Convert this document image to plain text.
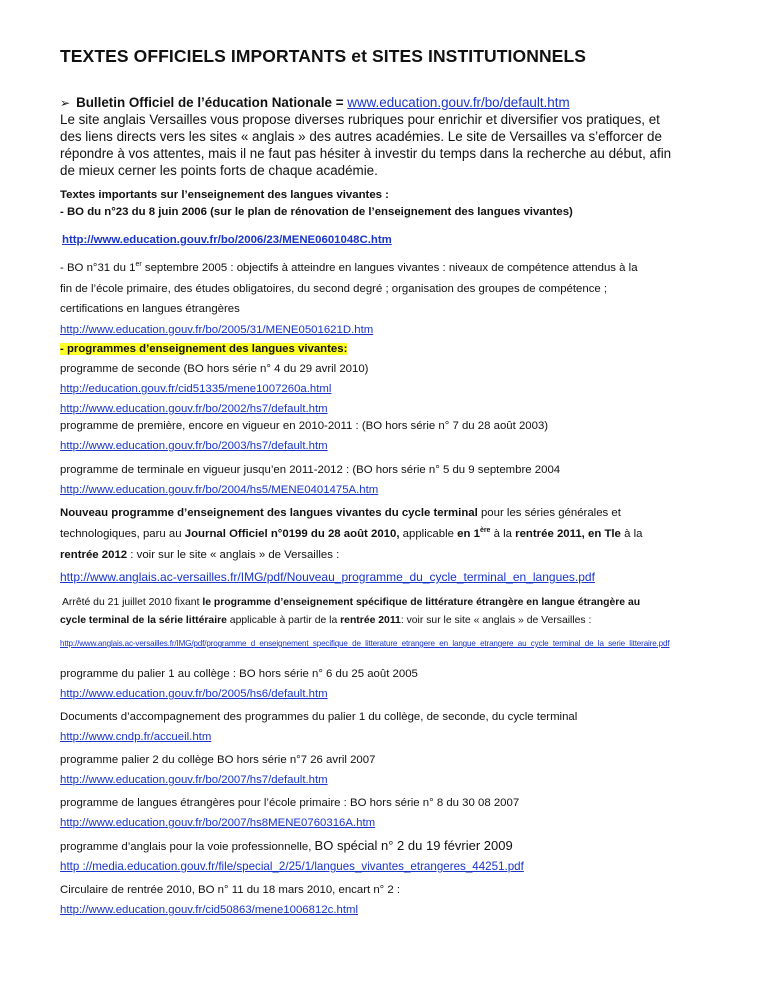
TEXTES OFFICIELS IMPORTANTS et SITES INSTITUTIONNELS
➢ Bulletin Officiel de l’éducation Nationale = www.education.gouv.fr/bo/default.htm
Le site anglais Versailles vous propose diverses rubriques pour enrichir et diversifier vos pratiques, et
des liens directs vers les sites « anglais » des autres académies. Le site de Versailles va s’efforcer de
répondre à vos attentes, mais il ne faut pas hésiter à investir du temps dans la recherche au début, afin
de mieux cerner les points forts de chaque académie.
Textes importants sur l’enseignement des langues vivantes :
- BO du n°23 du 8 juin 2006 (sur le plan de rénovation de l’enseignement des langues vivantes)
http://www.education.gouv.fr/bo/2006/23/MENE0601048C.htm
- BO n°31 du 1er septembre 2005 : objectifs à atteindre en langues vivantes : niveaux de compétence attendus à la
fin de l’école primaire, des études obligatoires, du second degré ; organisation des groupes de compétence ;
certifications en langues étrangères
http://www.education.gouv.fr/bo/2005/31/MENE0501621D.htm
- programmes d’enseignement des langues vivantes:
programme de seconde (BO hors série n° 4 du 29 avril 2010)
http://education.gouv.fr/cid51335/mene1007260a.html
http://www.education.gouv.fr/bo/2002/hs7/default.htm
programme de première, encore en vigueur en 2010-2011 : (BO hors série n° 7 du 28 août 2003)
http://www.education.gouv.fr/bo/2003/hs7/default.htm
programme de terminale en vigueur jusqu’en 2011-2012 : (BO hors série n° 5 du 9 septembre 2004
http://www.education.gouv.fr/bo/2004/hs5/MENE0401475A.htm
Nouveau programme d’enseignement des langues vivantes du cycle terminal pour les séries générales et
technologiques, paru au Journal Officiel n°0199 du 28 août 2010, applicable en 1ère à la rentrée 2011, en Tle à la
rentrée 2012 : voir sur le site « anglais » de Versailles :
http://www.anglais.ac-versailles.fr/IMG/pdf/Nouveau_programme_du_cycle_terminal_en_langues.pdf
Arrêté du 21 juillet 2010 fixant le programme d’enseignement spécifique de littérature étrangère en langue étrangère au
cycle terminal de la série littéraire applicable à partir de la rentrée 2011: voir sur le site « anglais » de Versailles :
http://www.anglais.ac-versailles.fr/IMG/pdf/programme_d_enseignement_specifique_de_litterature_etrangere_en_langue_etrangere_au_cycle_terminal_de_la_serie_litteraire.pdf
programme du palier 1 au collège : BO hors série n° 6 du 25 août 2005
http://www.education.gouv.fr/bo/2005/hs6/default.htm
Documents d’accompagnement des programmes du palier 1 du collège, de seconde, du cycle terminal
http://www.cndp.fr/accueil.htm
programme palier 2 du collège BO hors série n°7 26 avril 2007
http://www.education.gouv.fr/bo/2007/hs7/default.htm
programme de langues étrangères pour l’école primaire : BO hors série n° 8 du 30 08 2007
http://www.education.gouv.fr/bo/2007/hs8MENE0760316A.htm
programme d’anglais pour la voie professionnelle, BO spécial n° 2 du 19 février 2009
http ://media.education.gouv.fr/file/special_2/25/1/langues_vivantes_etrangeres_44251.pdf
Circulaire de rentrée 2010, BO n° 11 du 18 mars 2010, encart n° 2 :
http://www.education.gouv.fr/cid50863/mene1006812c.html
